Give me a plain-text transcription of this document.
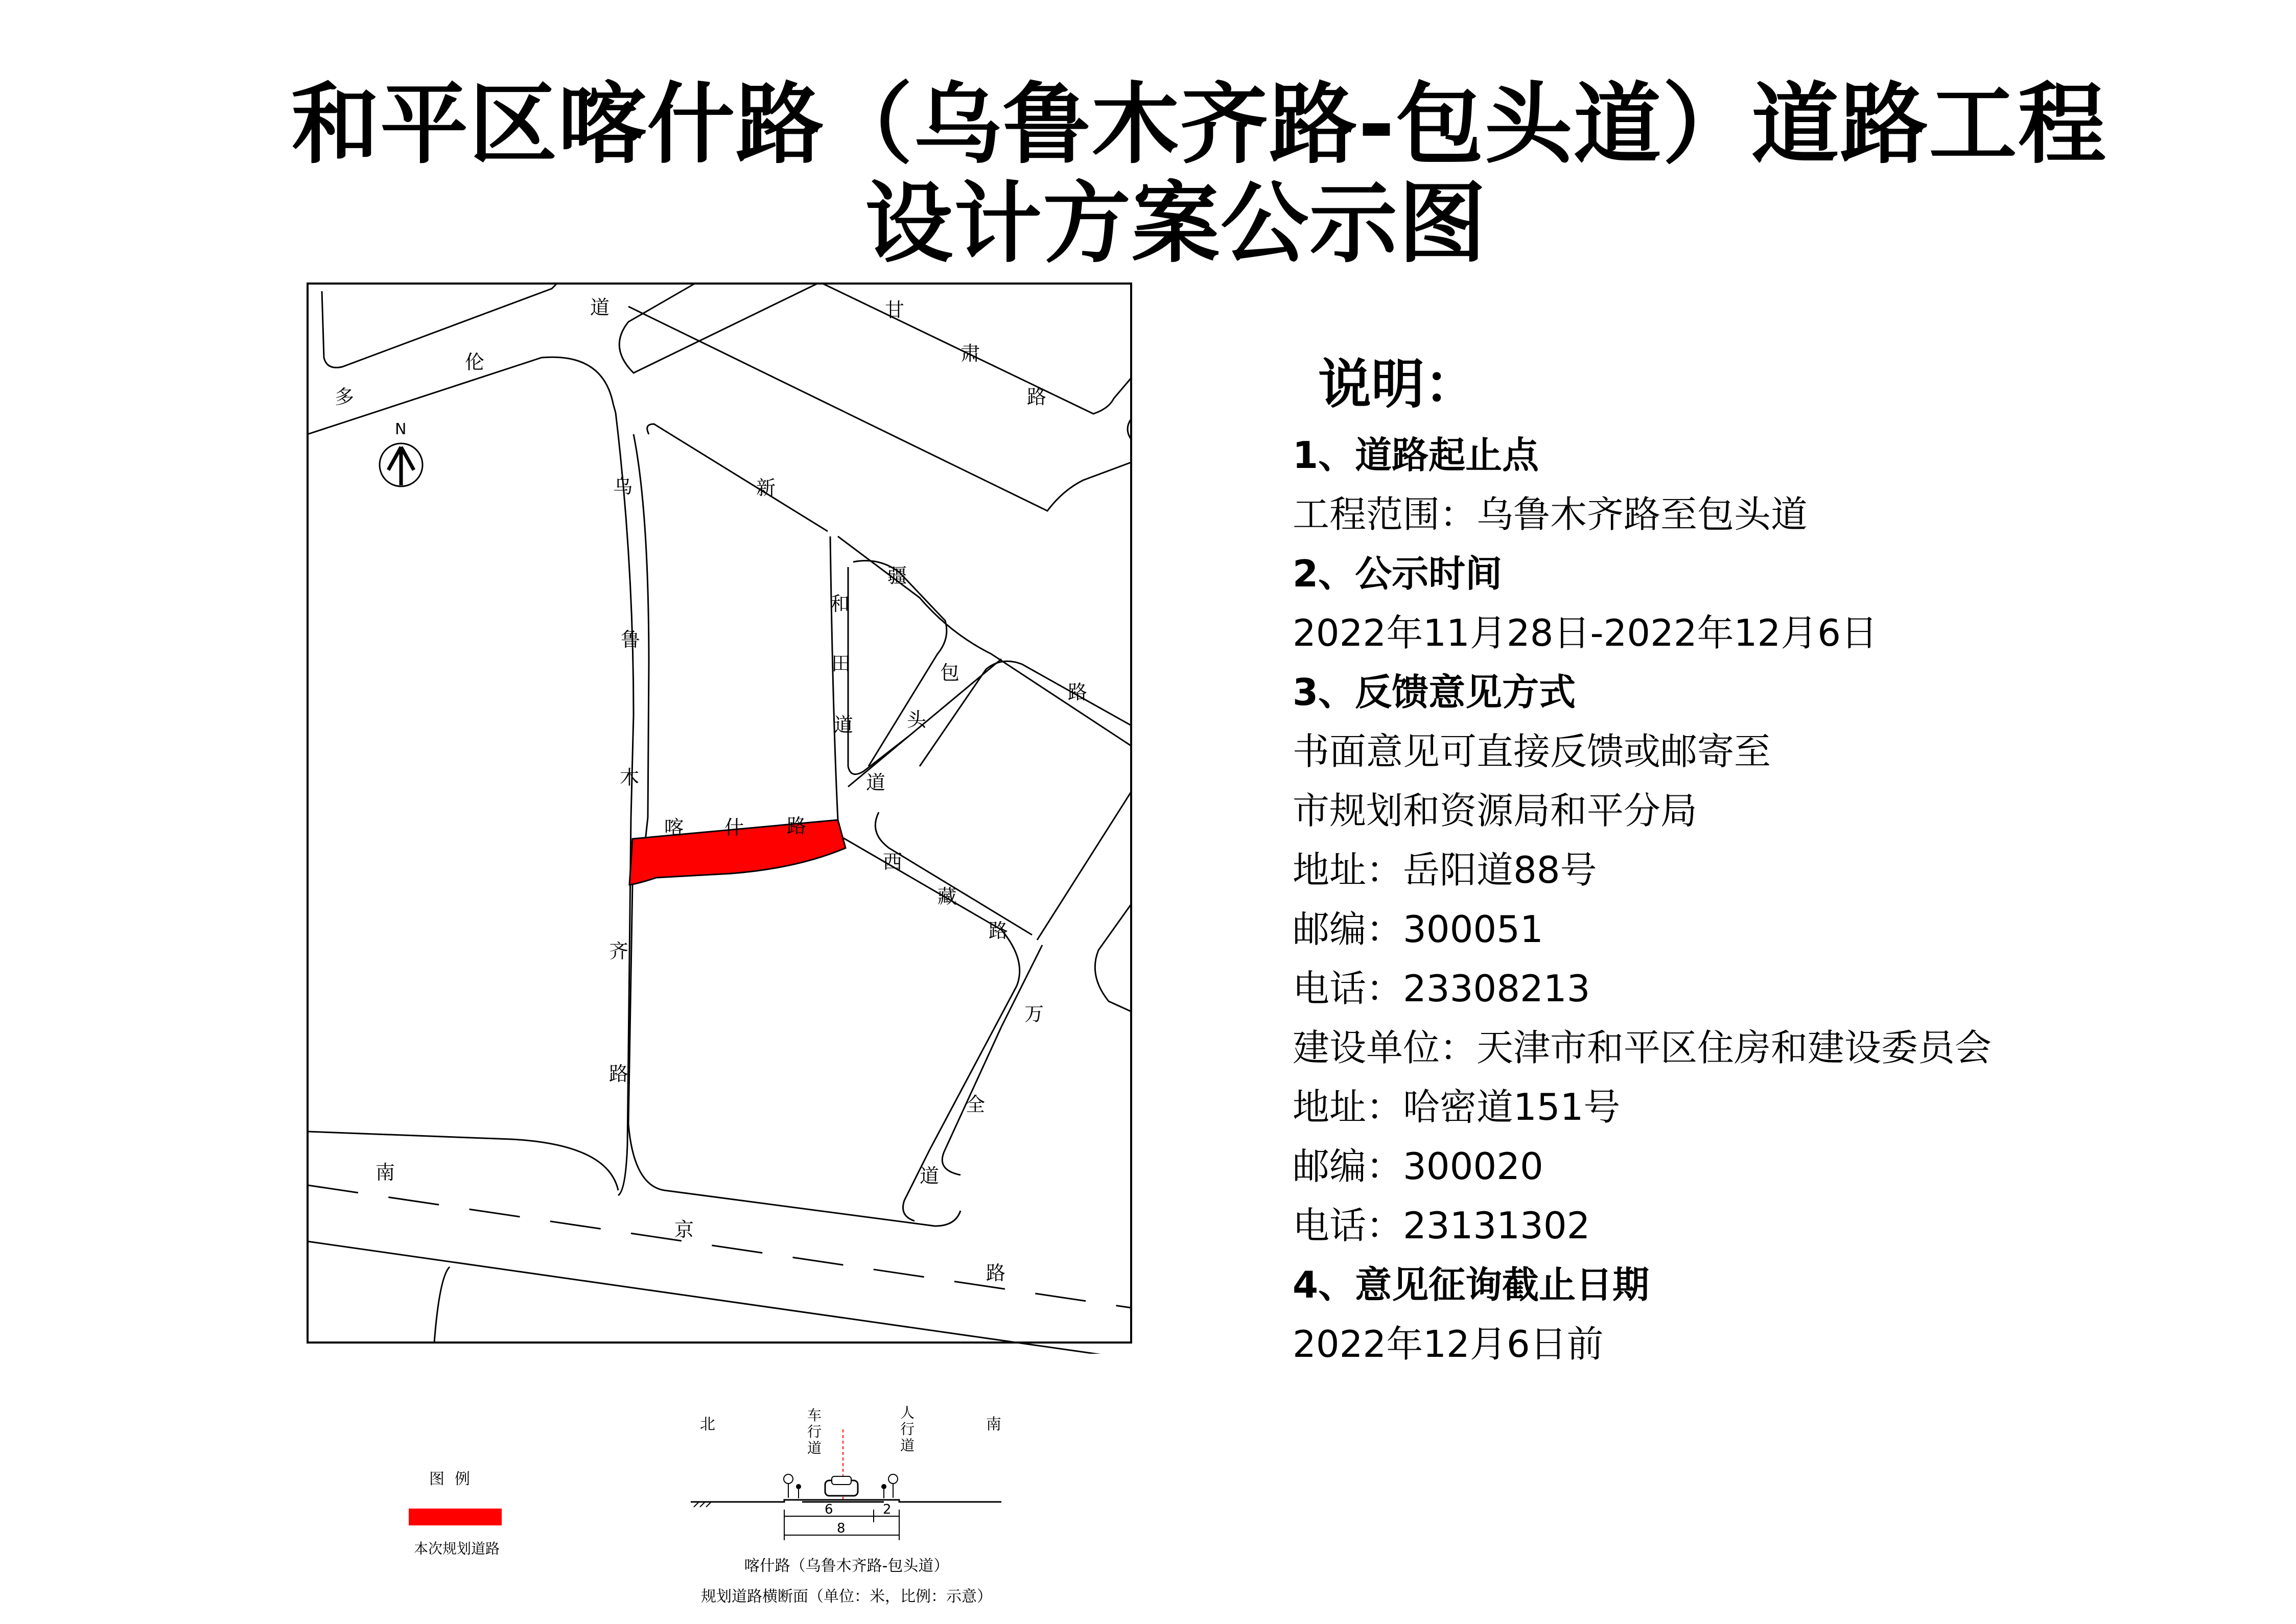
和平区喀什路（乌鲁木齐路-包头道）道路工程
设计方案公示图
N
多
伦
道	甘
肃
路
新
疆
路
和
田
道
包
头
道
乌
鲁
木
齐
路
喀 什 路
西
藏
路
万
全
道
南
京
路
说明：
1、道路起止点
工程范围：乌鲁木齐路至包头道
2、公示时间
2022年11月28日-2022年12月6日
3、反馈意见方式
书面意见可直接反馈或邮寄至
市规划和资源局和平分局
地址：岳阳道88号
邮编：300051
电话：23308213
建设单位：天津市和平区住房和建设委员会
地址：哈密道151号
邮编：300020
电话：23131302
4、意见征询截止日期
2022年12月6日前
图例
本次规划道路
北	南
车
行
道
人
行
道
6	2
8
喀什路（乌鲁木齐路-包头道）
规划道路横断面（单位：米，比例：示意）
